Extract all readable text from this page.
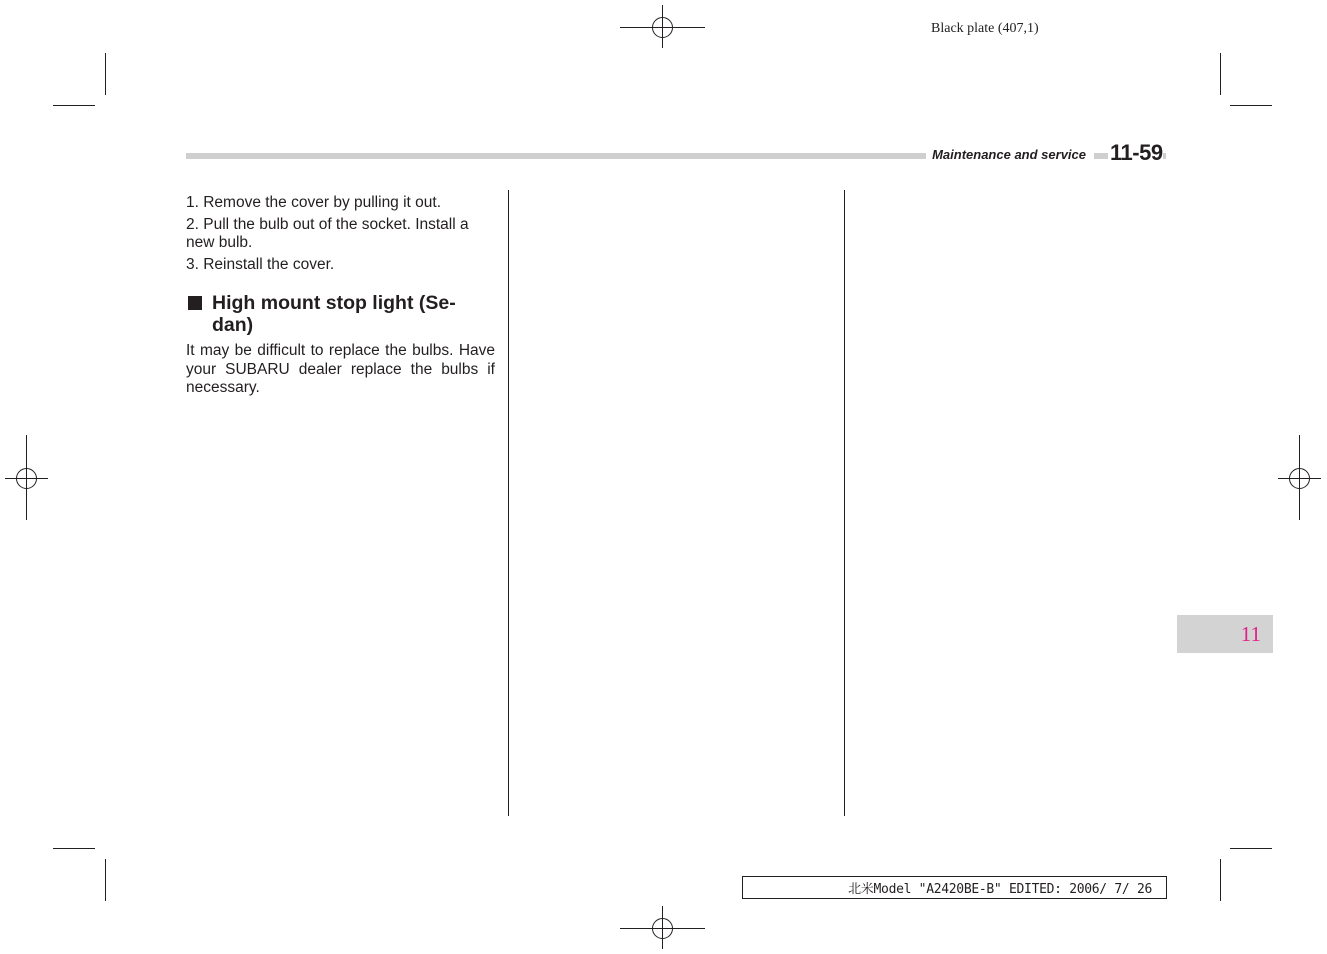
Black plate (407,1)
Maintenance and service	11-59

1. Remove the cover by pulling it out.

2. Pull the bulb out of the socket. Install a new bulb.

3. Reinstall the cover.

High mount stop light (Se-dan)

It may be difficult to replace the bulbs. Have your SUBARU dealer replace the bulbs if necessary.

11
北米Model "A2420BE-B" EDITED: 2006/ 7/ 26
